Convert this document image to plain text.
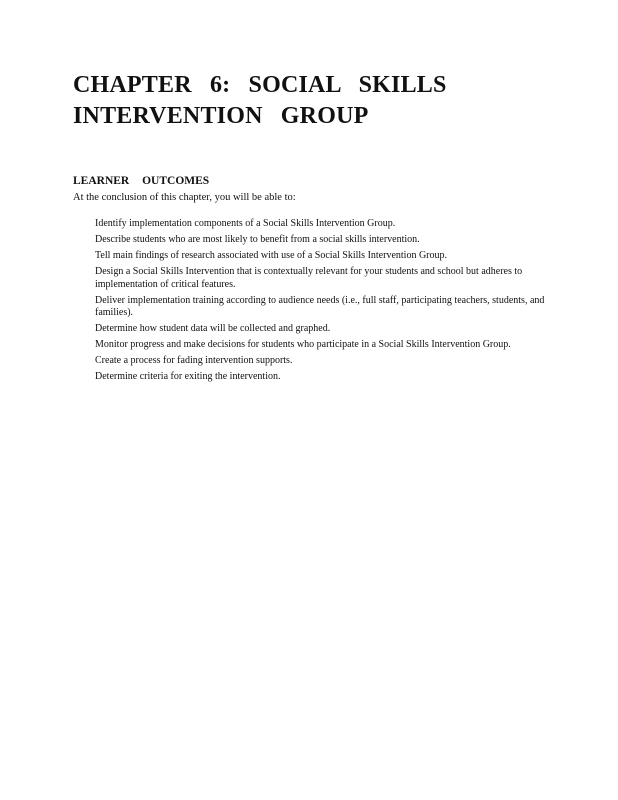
CHAPTER 6: SOCIAL SKILLS
INTERVENTION GROUP
LEARNER OUTCOMES

At the conclusion of this chapter, you will be able to:

Identify implementation components of a Social Skills Intervention Group.
Describe students who are most likely to benefit from a social skills intervention.
Tell main findings of research associated with use of a Social Skills Intervention Group.
Design a Social Skills Intervention that is contextually relevant for your students and school but adheres to implementation of critical features.
Deliver implementation training according to audience needs (i.e., full staff, participating teachers, students, and families).
Determine how student data will be collected and graphed.
Monitor progress and make decisions for students who participate in a Social Skills Intervention Group.
Create a process for fading intervention supports.
Determine criteria for exiting the intervention.
